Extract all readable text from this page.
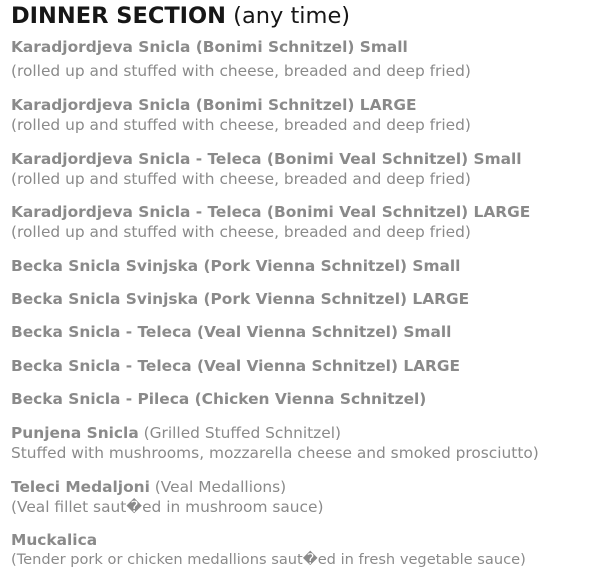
DINNER SECTION (any time)
Karadjordjeva Snicla (Bonimi Schnitzel) Small
(rolled up and stuffed with cheese, breaded and deep fried)
Karadjordjeva Snicla (Bonimi Schnitzel) LARGE
(rolled up and stuffed with cheese, breaded and deep fried)
Karadjordjeva Snicla - Teleca (Bonimi Veal Schnitzel) Small
(rolled up and stuffed with cheese, breaded and deep fried)
Karadjordjeva Snicla - Teleca (Bonimi Veal Schnitzel) LARGE
(rolled up and stuffed with cheese, breaded and deep fried)
Becka Snicla Svinjska (Pork Vienna Schnitzel) Small
Becka Snicla Svinjska (Pork Vienna Schnitzel) LARGE
Becka Snicla - Teleca (Veal Vienna Schnitzel) Small
Becka Snicla - Teleca (Veal Vienna Schnitzel) LARGE
Becka Snicla - Pileca (Chicken Vienna Schnitzel)
Punjena Snicla (Grilled Stuffed Schnitzel)
Stuffed with mushrooms, mozzarella cheese and smoked prosciutto)
Teleci Medaljoni (Veal Medallions)
(Veal fillet saut�ed in mushroom sauce)
Muckalica
(Tender pork or chicken medallions saut�ed in fresh vegetable sauce)
